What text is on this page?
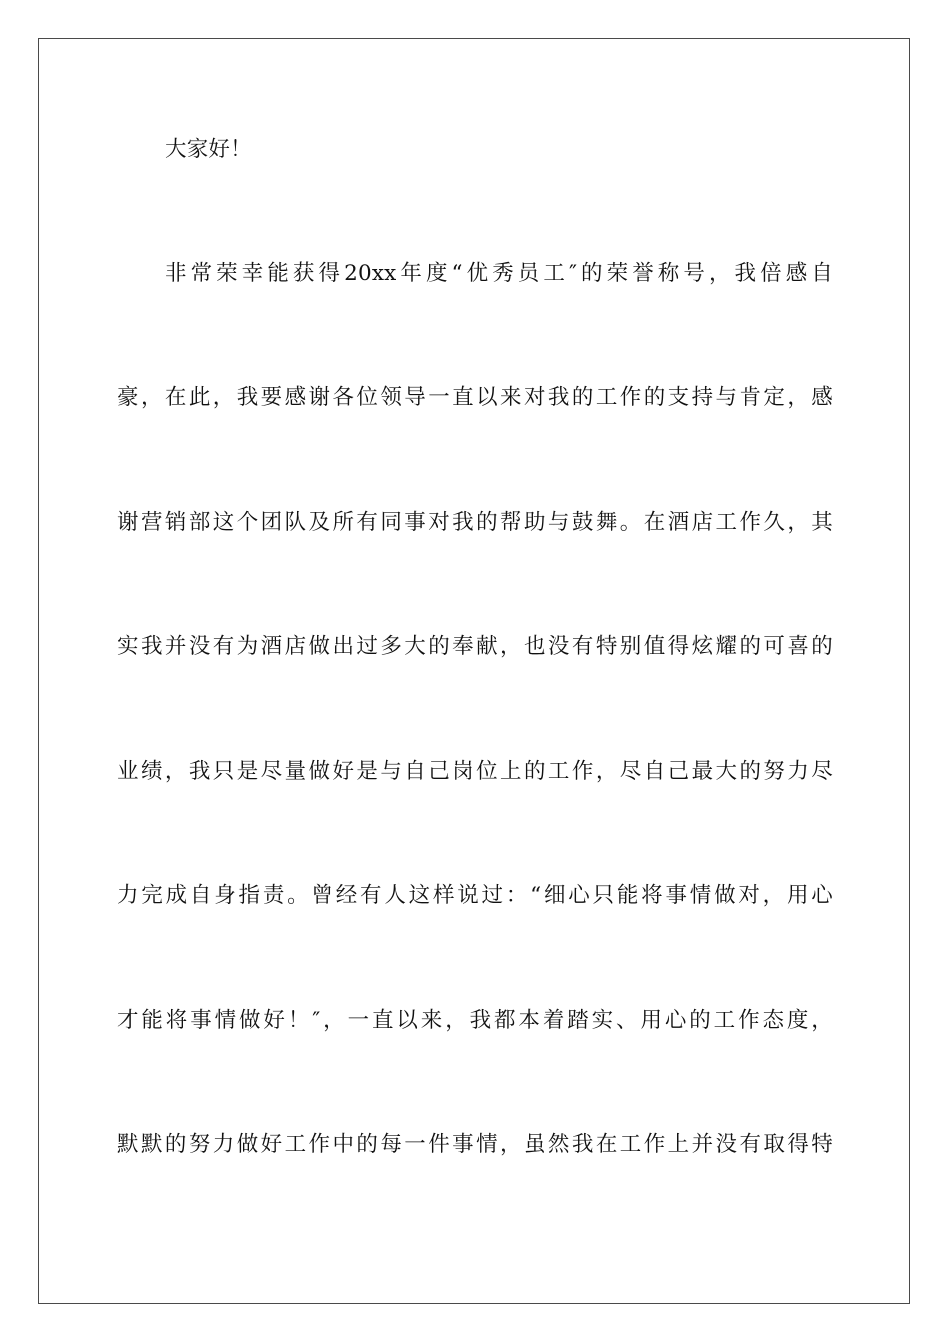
大家好！
非常荣幸能获得20xx年度“优秀员工″的荣誉称号，我倍感自
豪，在此，我要感谢各位领导一直以来对我的工作的支持与肯定，感
谢营销部这个团队及所有同事对我的帮助与鼓舞。在酒店工作久，其
实我并没有为酒店做出过多大的奉献，也没有特别值得炫耀的可喜的
业绩，我只是尽量做好是与自己岗位上的工作，尽自己最大的努力尽
力完成自身指责。曾经有人这样说过：“细心只能将事情做对，用心
才能将事情做好！″，一直以来，我都本着踏实、用心的工作态度，
默默的努力做好工作中的每一件事情，虽然我在工作上并没有取得特
